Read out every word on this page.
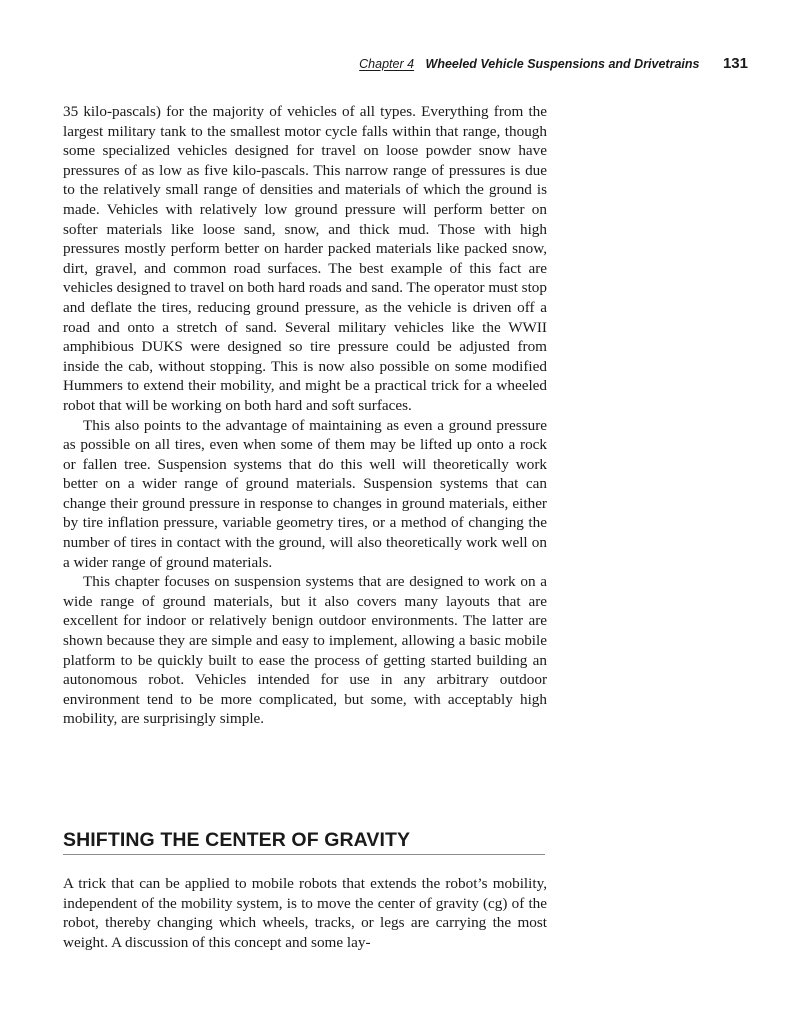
Chapter 4 Wheeled Vehicle Suspensions and Drivetrains 131

35 kilo-pascals) for the majority of vehicles of all types. Everything from the largest military tank to the smallest motor cycle falls within that range, though some specialized vehicles designed for travel on loose powder snow have pressures of as low as five kilo-pascals. This narrow range of pressures is due to the relatively small range of densities and materials of which the ground is made. Vehicles with relatively low ground pressure will perform better on softer materials like loose sand, snow, and thick mud. Those with high pressures mostly perform better on harder packed materials like packed snow, dirt, gravel, and common road surfaces. The best example of this fact are vehicles designed to travel on both hard roads and sand. The operator must stop and deflate the tires, reducing ground pressure, as the vehicle is driven off a road and onto a stretch of sand. Several military vehicles like the WWII amphibious DUKS were designed so tire pressure could be adjusted from inside the cab, without stopping. This is now also possible on some modified Hummers to extend their mobility, and might be a practical trick for a wheeled robot that will be working on both hard and soft surfaces.

This also points to the advantage of maintaining as even a ground pressure as possible on all tires, even when some of them may be lifted up onto a rock or fallen tree. Suspension systems that do this well will theoretically work better on a wider range of ground materials. Suspension systems that can change their ground pressure in response to changes in ground materials, either by tire inflation pressure, variable geometry tires, or a method of changing the number of tires in contact with the ground, will also theoretically work well on a wider range of ground materials.

This chapter focuses on suspension systems that are designed to work on a wide range of ground materials, but it also covers many layouts that are excellent for indoor or relatively benign outdoor environments. The latter are shown because they are simple and easy to implement, allowing a basic mobile platform to be quickly built to ease the process of getting started building an autonomous robot. Vehicles intended for use in any arbitrary outdoor environment tend to be more complicated, but some, with acceptably high mobility, are surprisingly simple.

SHIFTING THE CENTER OF GRAVITY

A trick that can be applied to mobile robots that extends the robot’s mobility, independent of the mobility system, is to move the center of gravity (cg) of the robot, thereby changing which wheels, tracks, or legs are carrying the most weight. A discussion of this concept and some lay-
